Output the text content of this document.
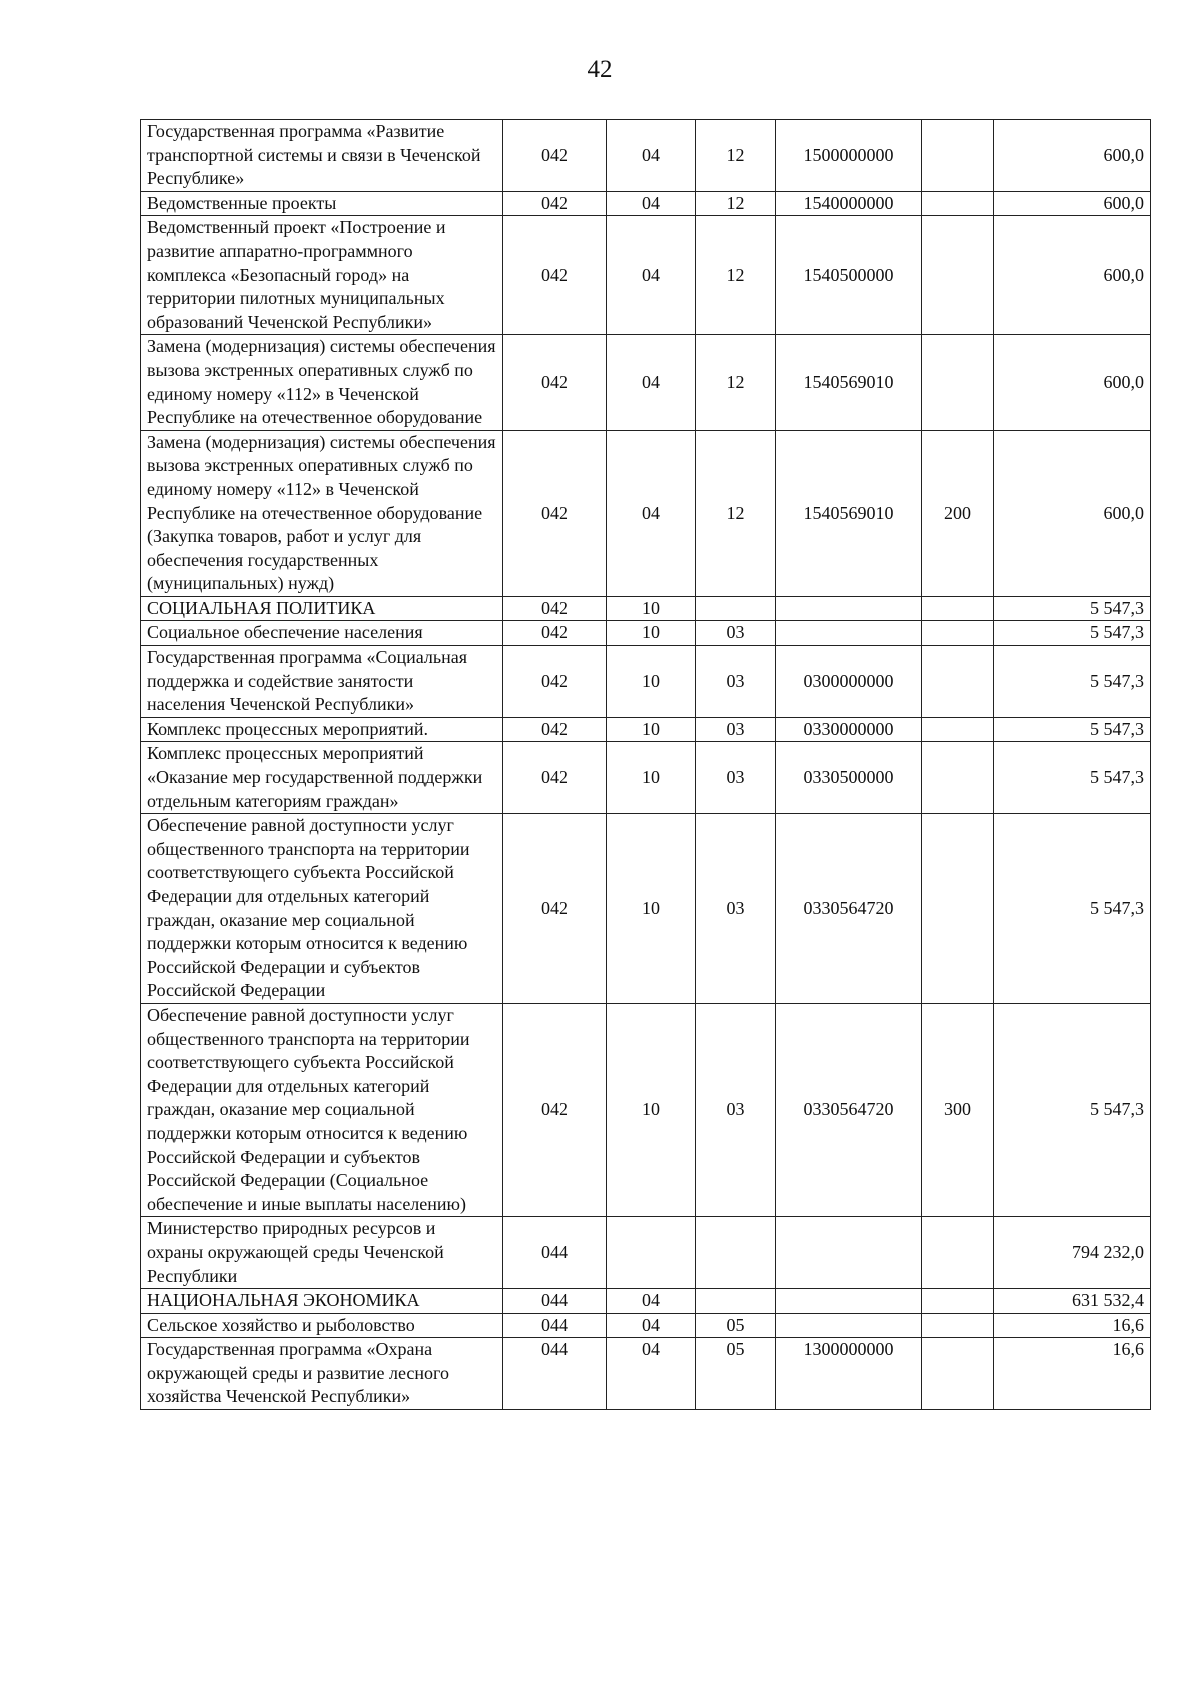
42
Государственная программа «Развитие транспортной системы и связи в Чеченской Республике»	042	04	12	1500000000		600,0
Ведомственные проекты	042	04	12	1540000000		600,0
Ведомственный проект «Построение и развитие аппаратно-программного комплекса «Безопасный город» на территории пилотных муниципальных образований Чеченской Республики»	042	04	12	1540500000		600,0
Замена (модернизация) системы обеспечения вызова экстренных оперативных служб по единому номеру «112» в Чеченской Республике на отечественное оборудование	042	04	12	1540569010		600,0
Замена (модернизация) системы обеспечения вызова экстренных оперативных служб по единому номеру «112» в Чеченской Республике на отечественное оборудование (Закупка товаров, работ и услуг для обеспечения государственных (муниципальных) нужд)	042	04	12	1540569010	200	600,0
СОЦИАЛЬНАЯ ПОЛИТИКА	042	10				5 547,3
Социальное обеспечение населения	042	10	03			5 547,3
Государственная программа «Социальная поддержка и содействие занятости населения Чеченской Республики»	042	10	03	0300000000		5 547,3
Комплекс процессных мероприятий.	042	10	03	0330000000		5 547,3
Комплекс процессных мероприятий «Оказание мер государственной поддержки отдельным категориям граждан»	042	10	03	0330500000		5 547,3
Обеспечение равной доступности услуг общественного транспорта на территории соответствующего субъекта Российской Федерации для отдельных категорий граждан, оказание мер социальной поддержки которым относится к ведению Российской Федерации и субъектов Российской Федерации	042	10	03	0330564720		5 547,3
Обеспечение равной доступности услуг общественного транспорта на территории соответствующего субъекта Российской Федерации для отдельных категорий граждан, оказание мер социальной поддержки которым относится к ведению Российской Федерации и субъектов Российской Федерации (Социальное обеспечение и иные выплаты населению)	042	10	03	0330564720	300	5 547,3
Министерство природных ресурсов и охраны окружающей среды Чеченской Республики	044					794 232,0
НАЦИОНАЛЬНАЯ ЭКОНОМИКА	044	04				631 532,4
Сельское хозяйство и рыболовство	044	04	05			16,6
Государственная программа «Охрана окружающей среды и развитие лесного хозяйства Чеченской Республики»	044	04	05	1300000000		16,6
